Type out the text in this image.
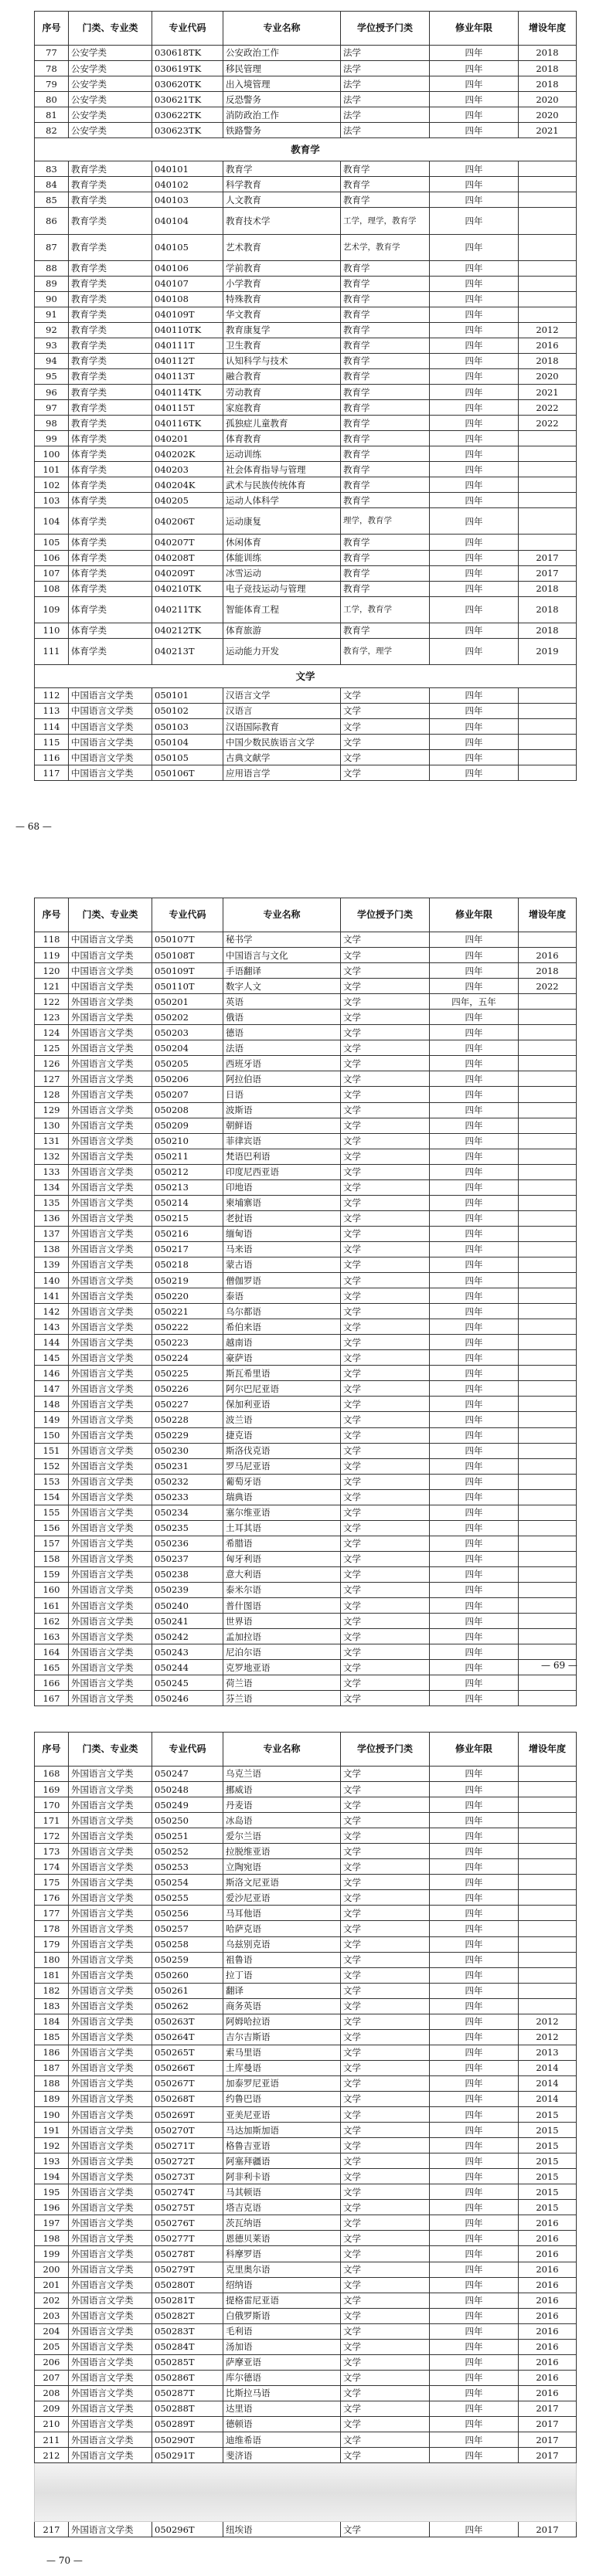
序号	门类、专业类	专业代码	专业名称	学位授予门类	修业年限	增设年度
77	公安学类	030618TK	公安政治工作	法学	四年	2018
78	公安学类	030619TK	移民管理	法学	四年	2018
79	公安学类	030620TK	出入境管理	法学	四年	2018
80	公安学类	030621TK	反恐警务	法学	四年	2020
81	公安学类	030622TK	消防政治工作	法学	四年	2020
82	公安学类	030623TK	铁路警务	法学	四年	2021
教育学						
83	教育学类	040101	教育学	教育学	四年	
84	教育学类	040102	科学教育	教育学	四年	
85	教育学类	040103	人文教育	教育学	四年	
86	教育学类	040104	教育技术学	工学，理学，教育学	四年	
87	教育学类	040105	艺术教育	艺术学，教育学	四年	
88	教育学类	040106	学前教育	教育学	四年	
89	教育学类	040107	小学教育	教育学	四年	
90	教育学类	040108	特殊教育	教育学	四年	
91	教育学类	040109T	华文教育	教育学	四年	
92	教育学类	040110TK	教育康复学	教育学	四年	2012
93	教育学类	040111T	卫生教育	教育学	四年	2016
94	教育学类	040112T	认知科学与技术	教育学	四年	2018
95	教育学类	040113T	融合教育	教育学	四年	2020
96	教育学类	040114TK	劳动教育	教育学	四年	2021
97	教育学类	040115T	家庭教育	教育学	四年	2022
98	教育学类	040116TK	孤独症儿童教育	教育学	四年	2022
99	体育学类	040201	体育教育	教育学	四年	
100	体育学类	040202K	运动训练	教育学	四年	
101	体育学类	040203	社会体育指导与管理	教育学	四年	
102	体育学类	040204K	武术与民族传统体育	教育学	四年	
103	体育学类	040205	运动人体科学	教育学	四年	
104	体育学类	040206T	运动康复	理学，教育学	四年	
105	体育学类	040207T	休闲体育	教育学	四年	
106	体育学类	040208T	体能训练	教育学	四年	2017
107	体育学类	040209T	冰雪运动	教育学	四年	2017
108	体育学类	040210TK	电子竞技运动与管理	教育学	四年	2018
109	体育学类	040211TK	智能体育工程	工学，教育学	四年	2018
110	体育学类	040212TK	体育旅游	教育学	四年	2018
111	体育学类	040213T	运动能力开发	教育学，理学	四年	2019
文学						
112	中国语言文学类	050101	汉语言文学	文学	四年	
113	中国语言文学类	050102	汉语言	文学	四年	
114	中国语言文学类	050103	汉语国际教育	文学	四年	
115	中国语言文学类	050104	中国少数民族语言文学	文学	四年	
116	中国语言文学类	050105	古典文献学	文学	四年	
117	中国语言文学类	050106T	应用语言学	文学	四年	
— 68 —
序号	门类、专业类	专业代码	专业名称	学位授予门类	修业年限	增设年度
118	中国语言文学类	050107T	秘书学	文学	四年	
119	中国语言文学类	050108T	中国语言与文化	文学	四年	2016
120	中国语言文学类	050109T	手语翻译	文学	四年	2018
121	中国语言文学类	050110T	数字人文	文学	四年	2022
122	外国语言文学类	050201	英语	文学	四年，五年	
123	外国语言文学类	050202	俄语	文学	四年	
124	外国语言文学类	050203	德语	文学	四年	
125	外国语言文学类	050204	法语	文学	四年	
126	外国语言文学类	050205	西班牙语	文学	四年	
127	外国语言文学类	050206	阿拉伯语	文学	四年	
128	外国语言文学类	050207	日语	文学	四年	
129	外国语言文学类	050208	波斯语	文学	四年	
130	外国语言文学类	050209	朝鲜语	文学	四年	
131	外国语言文学类	050210	菲律宾语	文学	四年	
132	外国语言文学类	050211	梵语巴利语	文学	四年	
133	外国语言文学类	050212	印度尼西亚语	文学	四年	
134	外国语言文学类	050213	印地语	文学	四年	
135	外国语言文学类	050214	柬埔寨语	文学	四年	
136	外国语言文学类	050215	老挝语	文学	四年	
137	外国语言文学类	050216	缅甸语	文学	四年	
138	外国语言文学类	050217	马来语	文学	四年	
139	外国语言文学类	050218	蒙古语	文学	四年	
140	外国语言文学类	050219	僧伽罗语	文学	四年	
141	外国语言文学类	050220	泰语	文学	四年	
142	外国语言文学类	050221	乌尔都语	文学	四年	
143	外国语言文学类	050222	希伯来语	文学	四年	
144	外国语言文学类	050223	越南语	文学	四年	
145	外国语言文学类	050224	豪萨语	文学	四年	
146	外国语言文学类	050225	斯瓦希里语	文学	四年	
147	外国语言文学类	050226	阿尔巴尼亚语	文学	四年	
148	外国语言文学类	050227	保加利亚语	文学	四年	
149	外国语言文学类	050228	波兰语	文学	四年	
150	外国语言文学类	050229	捷克语	文学	四年	
151	外国语言文学类	050230	斯洛伐克语	文学	四年	
152	外国语言文学类	050231	罗马尼亚语	文学	四年	
153	外国语言文学类	050232	葡萄牙语	文学	四年	
154	外国语言文学类	050233	瑞典语	文学	四年	
155	外国语言文学类	050234	塞尔维亚语	文学	四年	
156	外国语言文学类	050235	土耳其语	文学	四年	
157	外国语言文学类	050236	希腊语	文学	四年	
158	外国语言文学类	050237	匈牙利语	文学	四年	
159	外国语言文学类	050238	意大利语	文学	四年	
160	外国语言文学类	050239	泰米尔语	文学	四年	
161	外国语言文学类	050240	普什图语	文学	四年	
162	外国语言文学类	050241	世界语	文学	四年	
163	外国语言文学类	050242	孟加拉语	文学	四年	
164	外国语言文学类	050243	尼泊尔语	文学	四年	
165	外国语言文学类	050244	克罗地亚语	文学	四年	
166	外国语言文学类	050245	荷兰语	文学	四年	
167	外国语言文学类	050246	芬兰语	文学	四年	
— 69 —
序号	门类、专业类	专业代码	专业名称	学位授予门类	修业年限	增设年度
168	外国语言文学类	050247	乌克兰语	文学	四年	
169	外国语言文学类	050248	挪威语	文学	四年	
170	外国语言文学类	050249	丹麦语	文学	四年	
171	外国语言文学类	050250	冰岛语	文学	四年	
172	外国语言文学类	050251	爱尔兰语	文学	四年	
173	外国语言文学类	050252	拉脱维亚语	文学	四年	
174	外国语言文学类	050253	立陶宛语	文学	四年	
175	外国语言文学类	050254	斯洛文尼亚语	文学	四年	
176	外国语言文学类	050255	爱沙尼亚语	文学	四年	
177	外国语言文学类	050256	马耳他语	文学	四年	
178	外国语言文学类	050257	哈萨克语	文学	四年	
179	外国语言文学类	050258	乌兹别克语	文学	四年	
180	外国语言文学类	050259	祖鲁语	文学	四年	
181	外国语言文学类	050260	拉丁语	文学	四年	
182	外国语言文学类	050261	翻译	文学	四年	
183	外国语言文学类	050262	商务英语	文学	四年	
184	外国语言文学类	050263T	阿姆哈拉语	文学	四年	2012
185	外国语言文学类	050264T	吉尔吉斯语	文学	四年	2012
186	外国语言文学类	050265T	索马里语	文学	四年	2013
187	外国语言文学类	050266T	土库曼语	文学	四年	2014
188	外国语言文学类	050267T	加泰罗尼亚语	文学	四年	2014
189	外国语言文学类	050268T	约鲁巴语	文学	四年	2014
190	外国语言文学类	050269T	亚美尼亚语	文学	四年	2015
191	外国语言文学类	050270T	马达加斯加语	文学	四年	2015
192	外国语言文学类	050271T	格鲁吉亚语	文学	四年	2015
193	外国语言文学类	050272T	阿塞拜疆语	文学	四年	2015
194	外国语言文学类	050273T	阿非利卡语	文学	四年	2015
195	外国语言文学类	050274T	马其顿语	文学	四年	2015
196	外国语言文学类	050275T	塔吉克语	文学	四年	2015
197	外国语言文学类	050276T	茨瓦纳语	文学	四年	2016
198	外国语言文学类	050277T	恩德贝莱语	文学	四年	2016
199	外国语言文学类	050278T	科摩罗语	文学	四年	2016
200	外国语言文学类	050279T	克里奥尔语	文学	四年	2016
201	外国语言文学类	050280T	绍纳语	文学	四年	2016
202	外国语言文学类	050281T	提格雷尼亚语	文学	四年	2016
203	外国语言文学类	050282T	白俄罗斯语	文学	四年	2016
204	外国语言文学类	050283T	毛利语	文学	四年	2016
205	外国语言文学类	050284T	汤加语	文学	四年	2016
206	外国语言文学类	050285T	萨摩亚语	文学	四年	2016
207	外国语言文学类	050286T	库尔德语	文学	四年	2016
208	外国语言文学类	050287T	比斯拉马语	文学	四年	2016
209	外国语言文学类	050288T	达里语	文学	四年	2017
210	外国语言文学类	050289T	德顿语	文学	四年	2017
211	外国语言文学类	050290T	迪维希语	文学	四年	2017
212	外国语言文学类	050291T	斐济语	文学	四年	2017

217	外国语言文学类	050296T	纽埃语	文学	四年	2017
— 70 —
